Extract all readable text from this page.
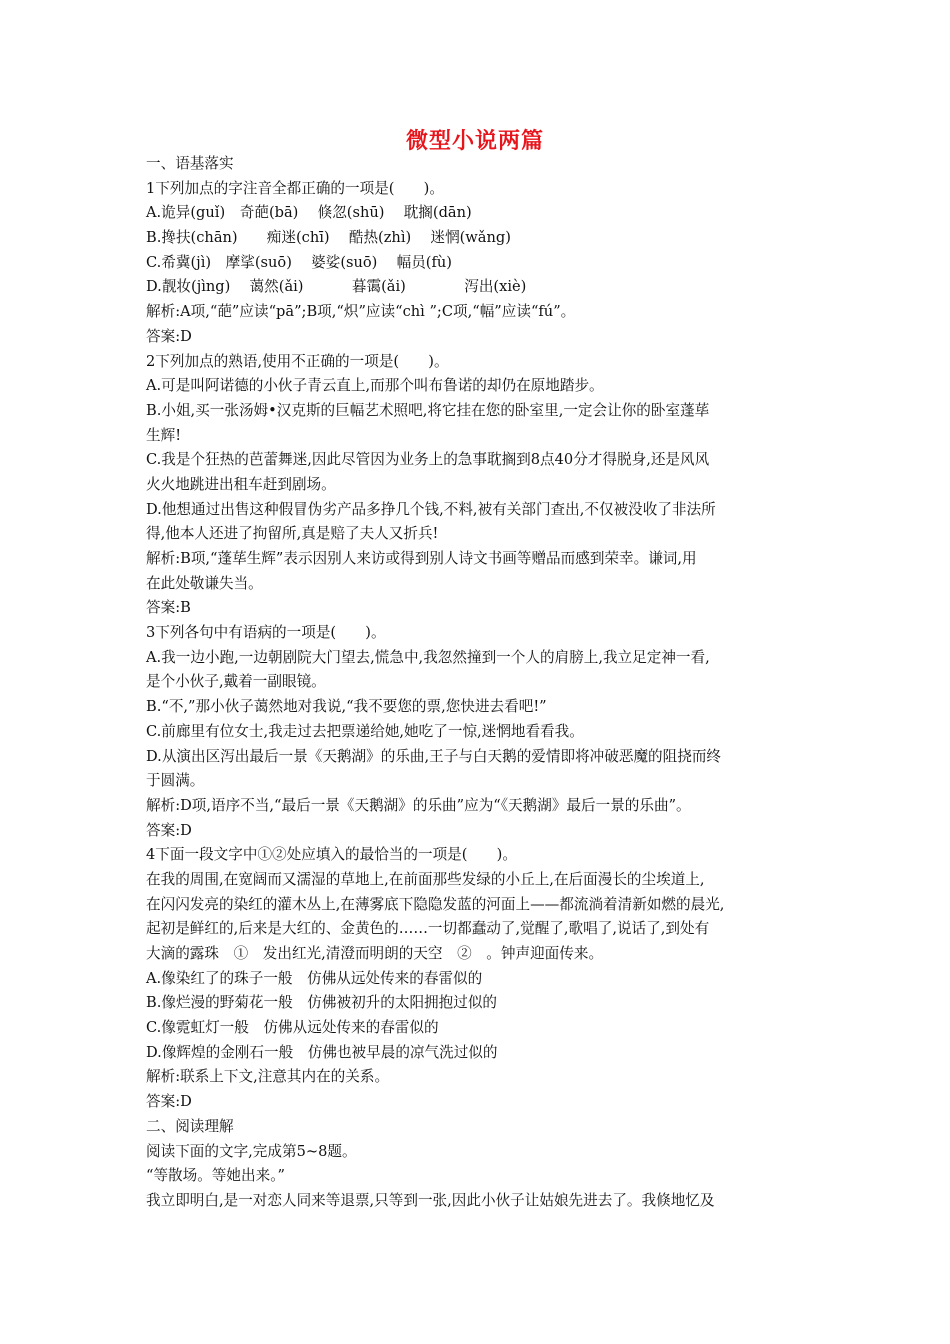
微型小说两篇
一、语基落实
1下列加点的字注音全都正确的一项是(　　)。
A.诡异(guǐ)　奇葩(bā)　 倏忽(shū)　 耽搁(dān)
B.搀扶(chān)　　痴迷(chī)　 酷热(zhì)　 迷惘(wǎng)
C.希冀(jì)　摩挲(suō)　 婆娑(suō)　 幅员(fù)
D.靓妆(jìng)　 蔼然(ǎi)　　　 暮霭(ǎi)　　　　泻出(xiè)
解析:A项,“葩”应读“pā”;B项,“炽”应读“chì ”;C项,“幅”应读“fú”。
答案:D
2下列加点的熟语,使用不正确的一项是(　　)。
A.可是叫阿诺德的小伙子青云直上,而那个叫布鲁诺的却仍在原地踏步。
B.小姐,买一张汤姆•汉克斯的巨幅艺术照吧,将它挂在您的卧室里,一定会让你的卧室蓬荜
生辉!
C.我是个狂热的芭蕾舞迷,因此尽管因为业务上的急事耽搁到8点40分才得脱身,还是风风
火火地跳进出租车赶到剧场。
D.他想通过出售这种假冒伪劣产品多挣几个钱,不料,被有关部门查出,不仅被没收了非法所
得,他本人还进了拘留所,真是赔了夫人又折兵!
解析:B项,“蓬荜生辉”表示因别人来访或得到别人诗文书画等赠品而感到荣幸。谦词,用
在此处敬谦失当。
答案:B
3下列各句中有语病的一项是(　　)。
A.我一边小跑,一边朝剧院大门望去,慌急中,我忽然撞到一个人的肩膀上,我立足定神一看,
是个小伙子,戴着一副眼镜。
B.“不,”那小伙子蔼然地对我说,“我不要您的票,您快进去看吧!”
C.前廊里有位女士,我走过去把票递给她,她吃了一惊,迷惘地看看我。
D.从演出区泻出最后一景《天鹅湖》的乐曲,王子与白天鹅的爱情即将冲破恶魔的阻挠而终
于圆满。
解析:D项,语序不当,“最后一景《天鹅湖》的乐曲”应为“《天鹅湖》最后一景的乐曲”。
答案:D
4下面一段文字中①②处应填入的最恰当的一项是(　　)。
在我的周围,在宽阔而又濡湿的草地上,在前面那些发绿的小丘上,在后面漫长的尘埃道上,
在闪闪发亮的染红的灌木丛上,在薄雾底下隐隐发蓝的河面上——都流淌着清新如燃的晨光,
起初是鲜红的,后来是大红的、金黄色的……一切都蠢动了,觉醒了,歌唱了,说话了,到处有
大滴的露珠　①　发出红光,清澄而明朗的天空　②　。钟声迎面传来。
A.像染红了的珠子一般　仿佛从远处传来的春雷似的
B.像烂漫的野菊花一般　仿佛被初升的太阳拥抱过似的
C.像霓虹灯一般　仿佛从远处传来的春雷似的
D.像辉煌的金刚石一般　仿佛也被早晨的凉气洗过似的
解析:联系上下文,注意其内在的关系。
答案:D
二、阅读理解
阅读下面的文字,完成第5~8题。
“等散场。等她出来。”
我立即明白,是一对恋人同来等退票,只等到一张,因此小伙子让姑娘先进去了。我倏地忆及
